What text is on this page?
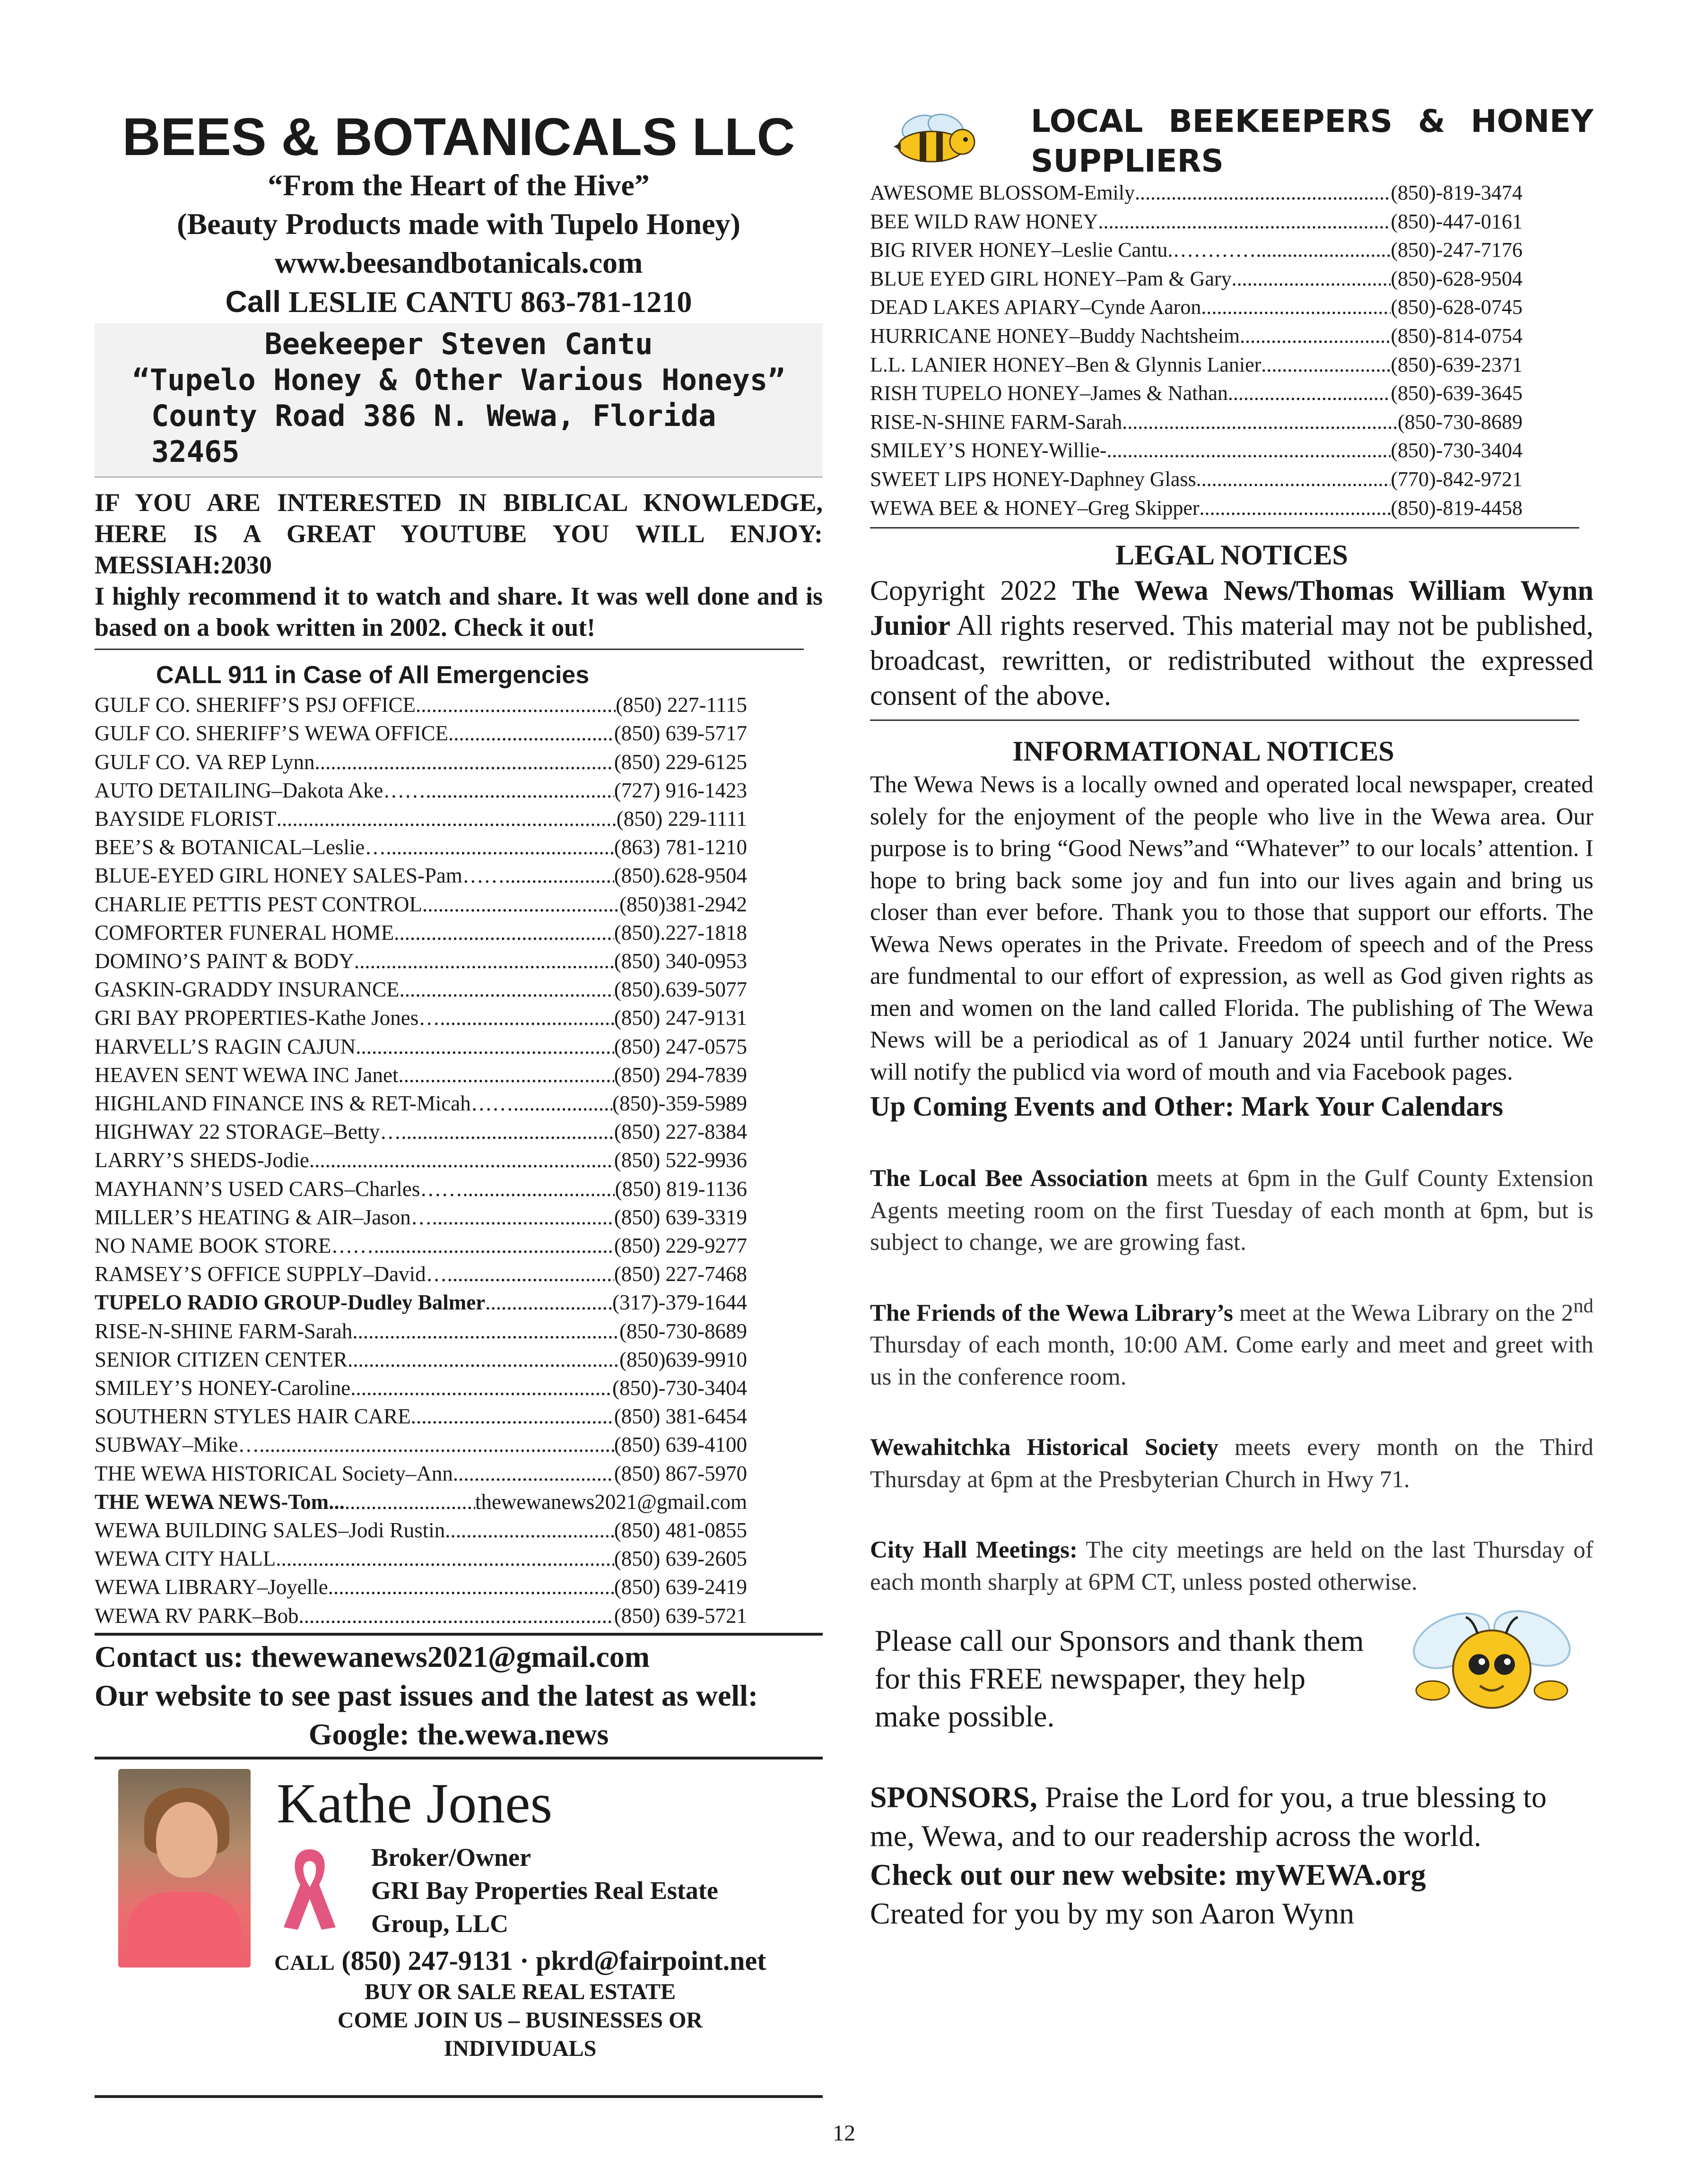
BEES & BOTANICALS LLC
“From the Heart of the Hive”
(Beauty Products made with Tupelo Honey)
www.beesandbotanicals.com
Call LESLIE CANTU 863-781-1210
Beekeeper Steven Cantu
“Tupelo Honey & Other Various Honeys”
County Road 386 N. Wewa, Florida 32465
IF YOU ARE INTERESTED IN BIBLICAL KNOWLEDGE, HERE IS A GREAT YOUTUBE YOU WILL ENJOY: MESSIAH:2030
I highly recommend it to watch and share. It was well done and is based on a book written in 2002. Check it out!
CALL 911 in Case of All Emergencies
GULF CO. SHERIFF’S PSJ OFFICE .....	(850) 227-1115
GULF CO. SHERIFF’S WEWA OFFICE .....	(850) 639-5717
GULF CO. VA REP Lynn .....	(850) 229-6125
AUTO DETAILING–Dakota Ake……. .....	(727) 916-1423
BAYSIDE FLORIST .....	(850) 229-1111
BEE’S & BOTANICAL–Leslie…. .....	(863) 781-1210
BLUE-EYED GIRL HONEY SALES-Pam…… .....	(850).628-9504
CHARLIE PETTIS PEST CONTROL .....	(850)381-2942
COMFORTER FUNERAL HOME .....	(850).227-1818
DOMINO’S PAINT & BODY .....	(850) 340-0953
GASKIN-GRADDY INSURANCE .....	(850).639-5077
GRI BAY PROPERTIES-Kathe Jones…. .....	(850) 247-9131
HARVELL’S RAGIN CAJUN .....	(850) 247-0575
HEAVEN SENT WEWA INC Janet .....	(850) 294-7839
HIGHLAND FINANCE INS & RET-Micah……. .....	(850)-359-5989
HIGHWAY 22 STORAGE–Betty… .....	(850) 227-8384
LARRY’S SHEDS-Jodie .....	(850) 522-9936
MAYHANN’S USED CARS–Charles…… .....	(850) 819-1136
MILLER’S HEATING & AIR–Jason…. .....	(850) 639-3319
NO NAME BOOK STORE…… .....	(850) 229-9277
RAMSEY’S OFFICE SUPPLY–David…. .....	(850) 227-7468
TUPELO RADIO GROUP-Dudley Balmer .....	(317)-379-1644
RISE-N-SHINE FARM-Sarah .....	(850-730-8689
SENIOR CITIZEN CENTER .....	(850)639-9910
SMILEY’S HONEY-Caroline .....	(850)-730-3404
SOUTHERN STYLES HAIR CARE .....	(850) 381-6454
SUBWAY–Mike… .....	(850) 639-4100
THE WEWA HISTORICAL Society–Ann .....	(850) 867-5970
THE WEWA NEWS-Tom... .....	thewewanews2021@gmail.com
WEWA BUILDING SALES–Jodi Rustin .....	(850) 481-0855
WEWA CITY HALL .....	(850) 639-2605
WEWA LIBRARY–Joyelle .....	(850) 639-2419
WEWA RV PARK–Bob .....	(850) 639-5721
Contact us: thewewanews2021@gmail.com
Our website to see past issues and the latest as well:
Google: the.wewa.news
Kathe Jones
Broker/Owner
GRI Bay Properties Real Estate
Group, LLC
CALL (850) 247-9131 · pkrd@fairpoint.net
BUY OR SALE REAL ESTATE
COME JOIN US – BUSINESSES OR
INDIVIDUALS
LOCAL BEEKEEPERS & HONEY SUPPLIERS
AWESOME BLOSSOM-Emily .....	(850)-819-3474
BEE WILD RAW HONEY .....	(850)-447-0161
BIG RIVER HONEY–Leslie Cantu.…………. .....	(850)-247-7176
BLUE EYED GIRL HONEY–Pam & Gary .....	(850)-628-9504
DEAD LAKES APIARY–Cynde Aaron .....	(850)-628-0745
HURRICANE HONEY–Buddy Nachtsheim .....	(850)-814-0754
L.L. LANIER HONEY–Ben & Glynnis Lanier .....	(850)-639-2371
RISH TUPELO HONEY–James & Nathan .....	(850)-639-3645
RISE-N-SHINE FARM-Sarah .....	(850-730-8689
SMILEY’S HONEY-Willie- .....	(850)-730-3404
SWEET LIPS HONEY-Daphney Glass .....	(770)-842-9721
WEWA BEE & HONEY–Greg Skipper .....	(850)-819-4458
LEGAL NOTICES
Copyright 2022 The Wewa News/Thomas William Wynn Junior All rights reserved. This material may not be published, broadcast, rewritten, or redistributed without the expressed consent of the above.
INFORMATIONAL NOTICES
The Wewa News is a locally owned and operated local newspaper, created solely for the enjoyment of the people who live in the Wewa area. Our purpose is to bring “Good News”and “Whatever” to our locals’ attention. I hope to bring back some joy and fun into our lives again and bring us closer than ever before. Thank you to those that support our efforts. The Wewa News operates in the Private. Freedom of speech and of the Press are fundmental to our effort of expression, as well as God given rights as men and women on the land called Florida. The publishing of The Wewa News will be a periodical as of 1 January 2024 until further notice. We will notify the publicd via word of mouth and via Facebook pages.
Up Coming Events and Other: Mark Your Calendars
The Local Bee Association meets at 6pm in the Gulf County Extension Agents meeting room on the first Tuesday of each month at 6pm, but is subject to change, we are growing fast.
The Friends of the Wewa Library’s meet at the Wewa Library on the 2nd Thursday of each month, 10:00 AM. Come early and meet and greet with us in the conference room.
Wewahitchka Historical Society meets every month on the Third Thursday at 6pm at the Presbyterian Church in Hwy 71.
City Hall Meetings: The city meetings are held on the last Thursday of each month sharply at 6PM CT, unless posted otherwise.
Please call our Sponsors and thank them for this FREE newspaper, they help make possible.
SPONSORS, Praise the Lord for you, a true blessing to me, Wewa, and to our readership across the world.
Check out our new website: myWEWA.org
Created for you by my son Aaron Wynn
12
